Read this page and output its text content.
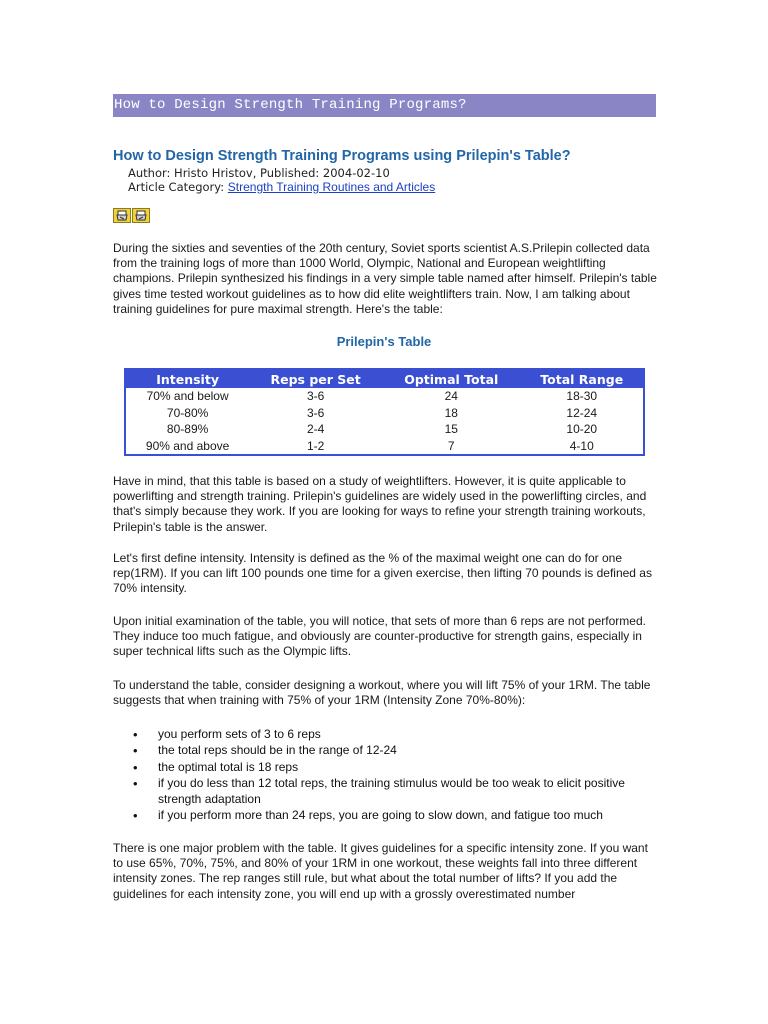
How to Design Strength Training Programs?
How to Design Strength Training Programs using Prilepin's Table?
Author: Hristo Hristov, Published: 2004-02-10
Article Category: Strength Training Routines and Articles

During the sixties and seventies of the 20th century, Soviet sports scientist A.S.Prilepin collected data from the training logs of more than 1000 World, Olympic, National and European weightlifting champions. Prilepin synthesized his findings in a very simple table named after himself. Prilepin's table gives time tested workout guidelines as to how did elite weightlifters train. Now, I am talking about training guidelines for pure maximal strength. Here's the table:

Prilepin's Table
Intensity	Reps per Set	Optimal Total	Total Range
70% and below	3-6	24	18-30
70-80%	3-6	18	12-24
80-89%	2-4	15	10-20
90% and above	1-2	7	4-10

Have in mind, that this table is based on a study of weightlifters. However, it is quite applicable to powerlifting and strength training. Prilepin's guidelines are widely used in the powerlifting circles, and that's simply because they work. If you are looking for ways to refine your strength training workouts, Prilepin's table is the answer.

Let's first define intensity. Intensity is defined as the % of the maximal weight one can do for one rep(1RM). If you can lift 100 pounds one time for a given exercise, then lifting 70 pounds is defined as 70% intensity.

Upon initial examination of the table, you will notice, that sets of more than 6 reps are not performed. They induce too much fatigue, and obviously are counter-productive for strength gains, especially in super technical lifts such as the Olympic lifts.

To understand the table, consider designing a workout, where you will lift 75% of your 1RM. The table suggests that when training with 75% of your 1RM (Intensity Zone 70%-80%):

• you perform sets of 3 to 6 reps
• the total reps should be in the range of 12-24
• the optimal total is 18 reps
• if you do less than 12 total reps, the training stimulus would be too weak to elicit positive strength adaptation
• if you perform more than 24 reps, you are going to slow down, and fatigue too much

There is one major problem with the table. It gives guidelines for a specific intensity zone. If you want to use 65%, 70%, 75%, and 80% of your 1RM in one workout, these weights fall into three different intensity zones. The rep ranges still rule, but what about the total number of lifts? If you add the guidelines for each intensity zone, you will end up with a grossly overestimated number
